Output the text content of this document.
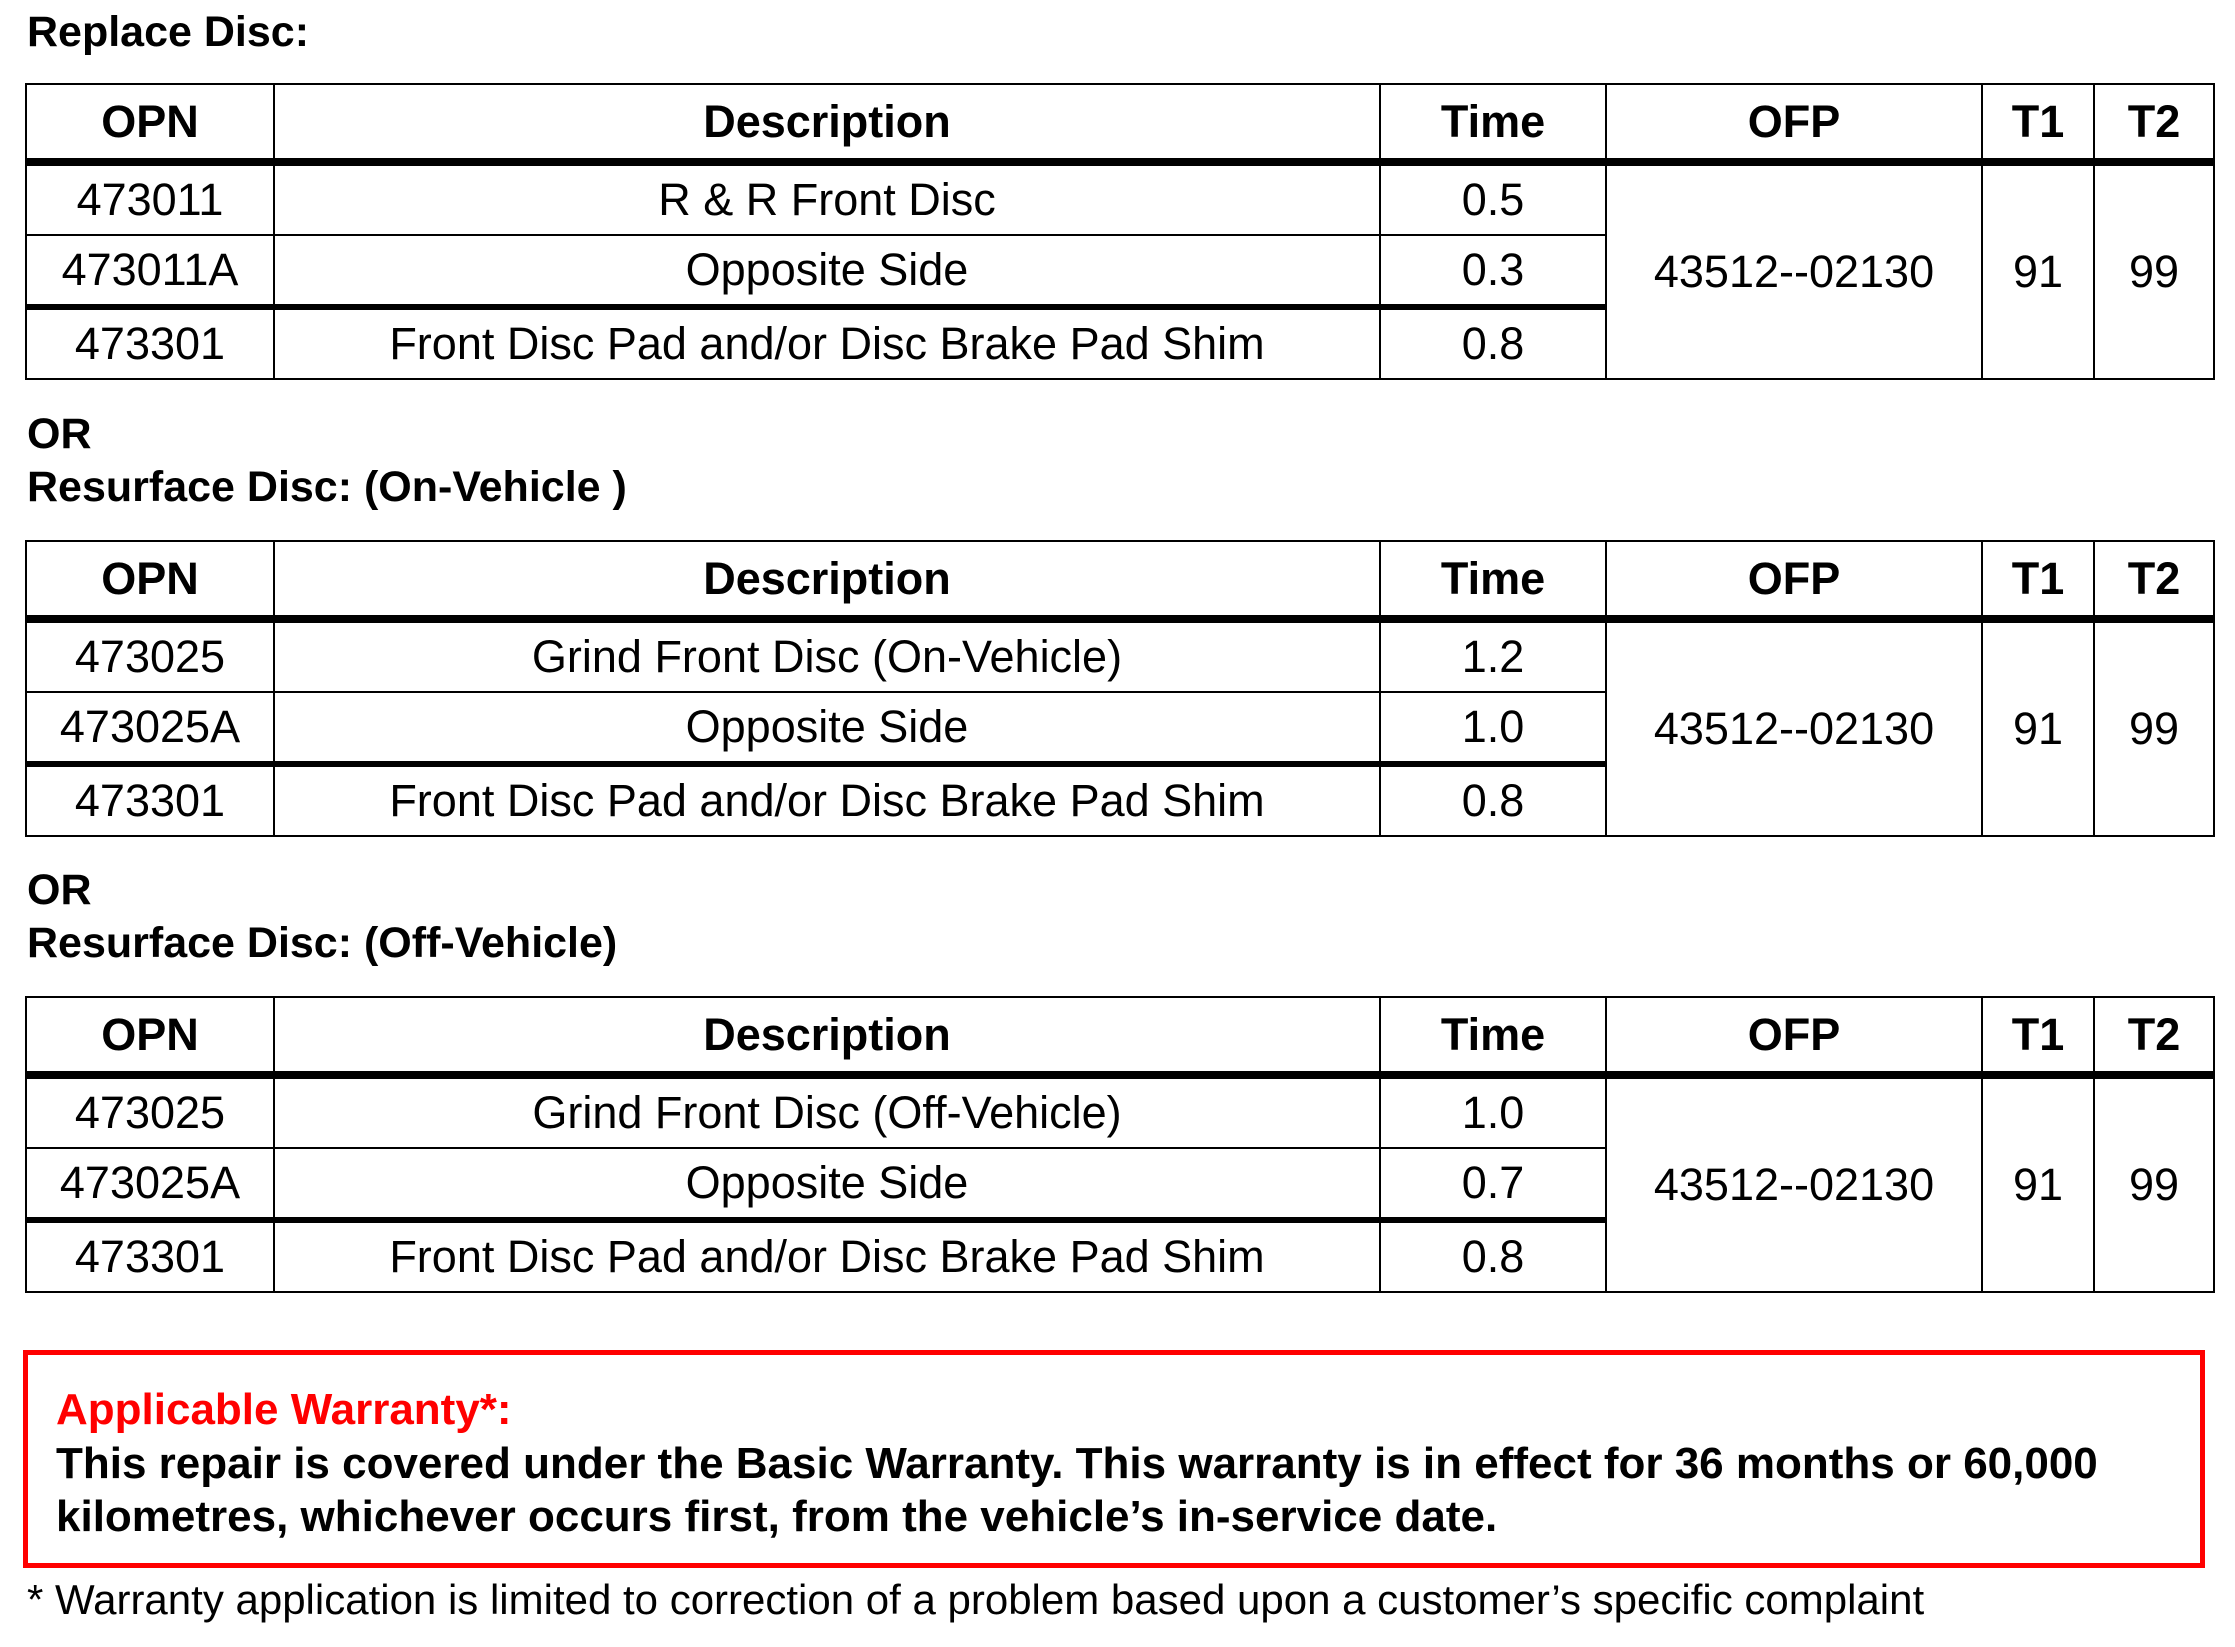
Replace Disc:
OPN	Description	Time	OFP	T1	T2
473011	R & R Front Disc	0.5	43512--02130	91	99
473011A	Opposite Side	0.3			
473301	Front Disc Pad and/or Disc Brake Pad Shim	0.8			
OR
Resurface Disc: (On-Vehicle )
OPN	Description	Time	OFP	T1	T2
473025	Grind Front Disc (On-Vehicle)	1.2	43512--02130	91	99
473025A	Opposite Side	1.0			
473301	Front Disc Pad and/or Disc Brake Pad Shim	0.8			
OR
Resurface Disc: (Off-Vehicle)
OPN	Description	Time	OFP	T1	T2
473025	Grind Front Disc (Off-Vehicle)	1.0	43512--02130	91	99
473025A	Opposite Side	0.7			
473301	Front Disc Pad and/or Disc Brake Pad Shim	0.8			
Applicable Warranty*:
This repair is covered under the Basic Warranty. This warranty is in effect for 36 months or 60,000 kilometres, whichever occurs first, from the vehicle’s in-service date.
* Warranty application is limited to correction of a problem based upon a customer’s specific complaint
